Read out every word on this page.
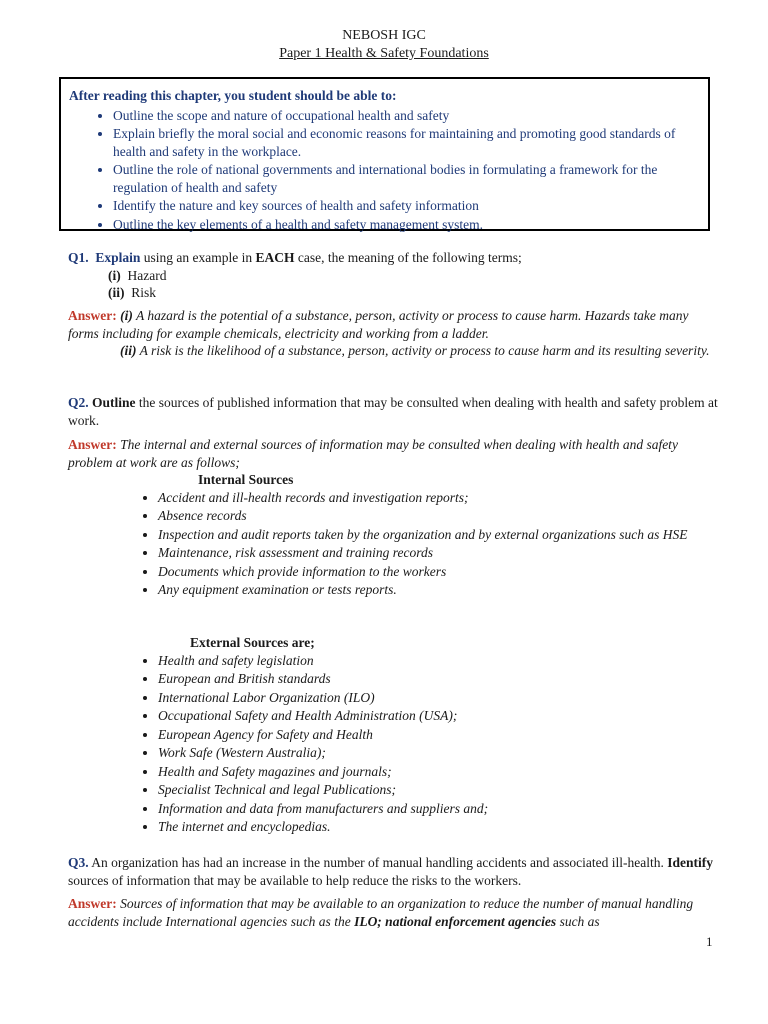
NEBOSH IGC
Paper 1 Health & Safety Foundations
After reading this chapter, you student should be able to:
• Outline the scope and nature of occupational health and safety
• Explain briefly the moral social and economic reasons for maintaining and promoting good standards of health and safety in the workplace.
• Outline the role of national governments and international bodies in formulating a framework for the regulation of health and safety
• Identify the nature and key sources of health and safety information
• Outline the key elements of a health and safety management system.
Q1. Explain using an example in EACH case, the meaning of the following terms;
(i) Hazard
(ii) Risk
Answer: (i) A hazard is the potential of a substance, person, activity or process to cause harm. Hazards take many forms including for example chemicals, electricity and working from a ladder.
(ii) A risk is the likelihood of a substance, person, activity or process to cause harm and its resulting severity.
Q2. Outline the sources of published information that may be consulted when dealing with health and safety problem at work.
Answer: The internal and external sources of information may be consulted when dealing with health and safety problem at work are as follows;
Internal Sources
• Accident and ill-health records and investigation reports;
• Absence records
• Inspection and audit reports taken by the organization and by external organizations such as HSE
• Maintenance, risk assessment and training records
• Documents which provide information to the workers
• Any equipment examination or tests reports.
External Sources are;
• Health and safety legislation
• European and British standards
• International Labor Organization (ILO)
• Occupational Safety and Health Administration (USA);
• European Agency for Safety and Health
• Work Safe (Western Australia);
• Health and Safety magazines and journals;
• Specialist Technical and legal Publications;
• Information and data from manufacturers and suppliers and;
• The internet and encyclopedias.
Q3. An organization has had an increase in the number of manual handling accidents and associated ill-health. Identify sources of information that may be available to help reduce the risks to the workers.
Answer: Sources of information that may be available to an organization to reduce the number of manual handling accidents include International agencies such as the ILO; national enforcement agencies such as
1
